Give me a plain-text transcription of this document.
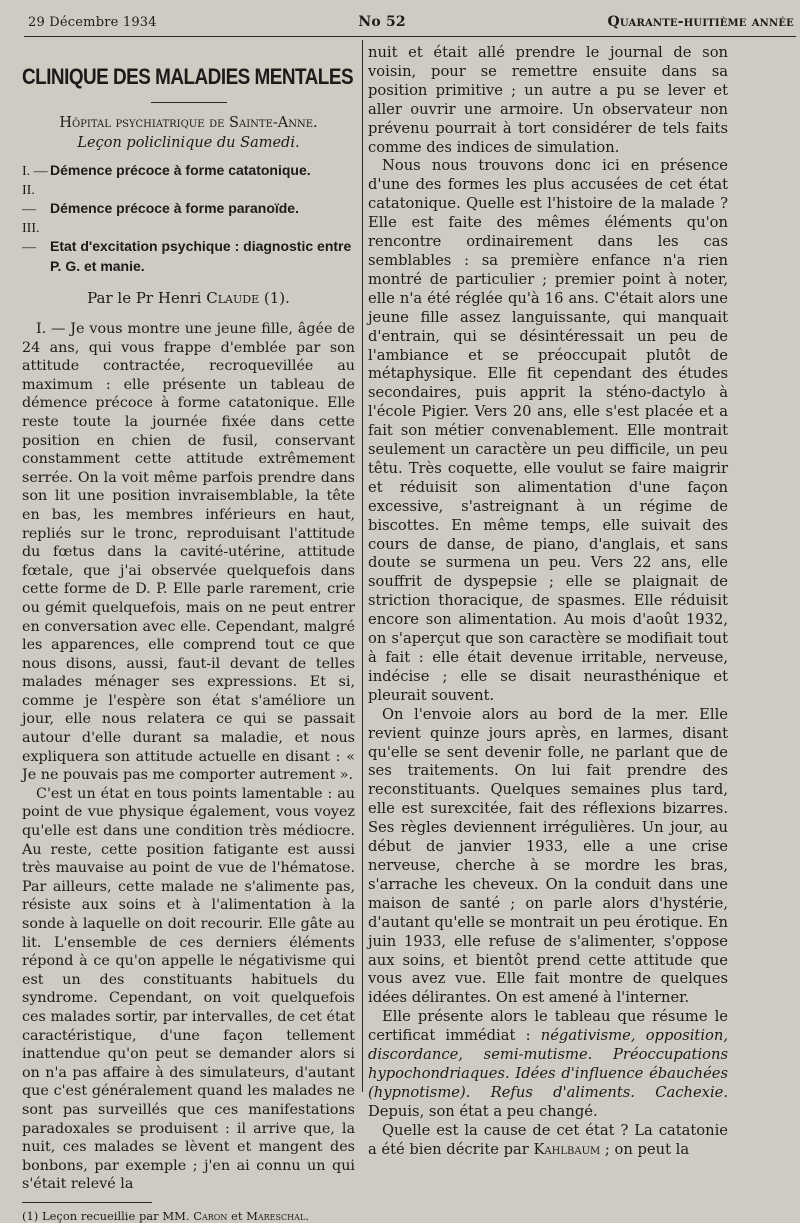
29 Décembre 1934	No 52	Quarante-huitième année
CLINIQUE DES MALADIES MENTALES
Hôpital psychiatrique de Sainte-Anne.
Leçon policlinique du Samedi.
I. — Démence précoce à forme catatonique.
II. — Démence précoce à forme paranoïde.
III. — Etat d'excitation psychique : diagnostic entre P. G. et manie.
Par le Pr Henri Claude (1).

I. — Je vous montre une jeune fille, âgée de 24 ans, qui vous frappe d'emblée par son attitude contractée, recroquevillée au maximum : elle présente un tableau de démence précoce à forme catatonique. Elle reste toute la journée fixée dans cette position en chien de fusil, conservant constamment cette attitude extrêmement serrée. On la voit même parfois prendre dans son lit une position invraisemblable, la tête en bas, les membres inférieurs en haut, repliés sur le tronc, reproduisant l'attitude du fœtus dans la cavité-utérine, attitude fœtale, que j'ai observée quelquefois dans cette forme de D. P. Elle parle rarement, crie ou gémit quelquefois, mais on ne peut entrer en conversation avec elle. Cependant, malgré les apparences, elle comprend tout ce que nous disons, aussi, faut-il devant de telles malades ménager ses expressions. Et si, comme je l'espère son état s'améliore un jour, elle nous relatera ce qui se passait autour d'elle durant sa maladie, et nous expliquera son attitude actuelle en disant : « Je ne pouvais pas me comporter autrement ».

C'est un état en tous points lamentable : au point de vue physique également, vous voyez qu'elle est dans une condition très médiocre. Au reste, cette position fatigante est aussi très mauvaise au point de vue de l'hématose. Par ailleurs, cette malade ne s'alimente pas, résiste aux soins et à l'alimentation à la sonde à laquelle on doit recourir. Elle gâte au lit. L'ensemble de ces derniers éléments répond à ce qu'on appelle le négativisme qui est un des constituants habituels du syndrome. Cependant, on voit quelquefois ces malades sortir, par intervalles, de cet état caractéristique, d'une façon tellement inattendue qu'on peut se demander alors si on n'a pas affaire à des simulateurs, d'autant que c'est généralement quand les malades ne sont pas surveillés que ces manifestations paradoxales se produisent : il arrive que, la nuit, ces malades se lèvent et mangent des bonbons, par exemple ; j'en ai connu un qui s'était relevé la

(1) Leçon recueillie par MM. Caron et Mareschal.

nuit et était allé prendre le journal de son voisin, pour se remettre ensuite dans sa position primitive ; un autre a pu se lever et aller ouvrir une armoire. Un observateur non prévenu pourrait à tort considérer de tels faits comme des indices de simulation.

Nous nous trouvons donc ici en présence d'une des formes les plus accusées de cet état catatonique. Quelle est l'histoire de la malade ? Elle est faite des mêmes éléments qu'on rencontre ordinairement dans les cas semblables : sa première enfance n'a rien montré de particulier ; premier point à noter, elle n'a été réglée qu'à 16 ans. C'était alors une jeune fille assez languissante, qui manquait d'entrain, qui se désintéressait un peu de l'ambiance et se préoccupait plutôt de métaphysique. Elle fit cependant des études secondaires, puis apprit la sténo-dactylo à l'école Pigier. Vers 20 ans, elle s'est placée et a fait son métier convenablement. Elle montrait seulement un caractère un peu difficile, un peu têtu. Très coquette, elle voulut se faire maigrir et réduisit son alimentation d'une façon excessive, s'astreignant à un régime de biscottes. En même temps, elle suivait des cours de danse, de piano, d'anglais, et sans doute se surmena un peu. Vers 22 ans, elle souffrit de dyspepsie ; elle se plaignait de striction thoracique, de spasmes. Elle réduisit encore son alimentation. Au mois d'août 1932, on s'aperçut que son caractère se modifiait tout à fait : elle était devenue irritable, nerveuse, indécise ; elle se disait neurasthénique et pleurait souvent.

On l'envoie alors au bord de la mer. Elle revient quinze jours après, en larmes, disant qu'elle se sent devenir folle, ne parlant que de ses traitements. On lui fait prendre des reconstituants. Quelques semaines plus tard, elle est surexcitée, fait des réflexions bizarres. Ses règles deviennent irrégulières. Un jour, au début de janvier 1933, elle a une crise nerveuse, cherche à se mordre les bras, s'arrache les cheveux. On la conduit dans une maison de santé ; on parle alors d'hystérie, d'autant qu'elle se montrait un peu érotique. En juin 1933, elle refuse de s'alimenter, s'oppose aux soins, et bientôt prend cette attitude que vous avez vue. Elle fait montre de quelques idées délirantes. On est amené à l'interner.

Elle présente alors le tableau que résume le certificat immédiat : négativisme, opposition, discordance, semi-mutisme. Préoccupations hypochondriaques. Idées d'influence ébauchées (hypnotisme). Refus d'aliments. Cachexie. Depuis, son état a peu changé.

Quelle est la cause de cet état ? La catatonie a été bien décrite par Kahlbaum ; on peut la
